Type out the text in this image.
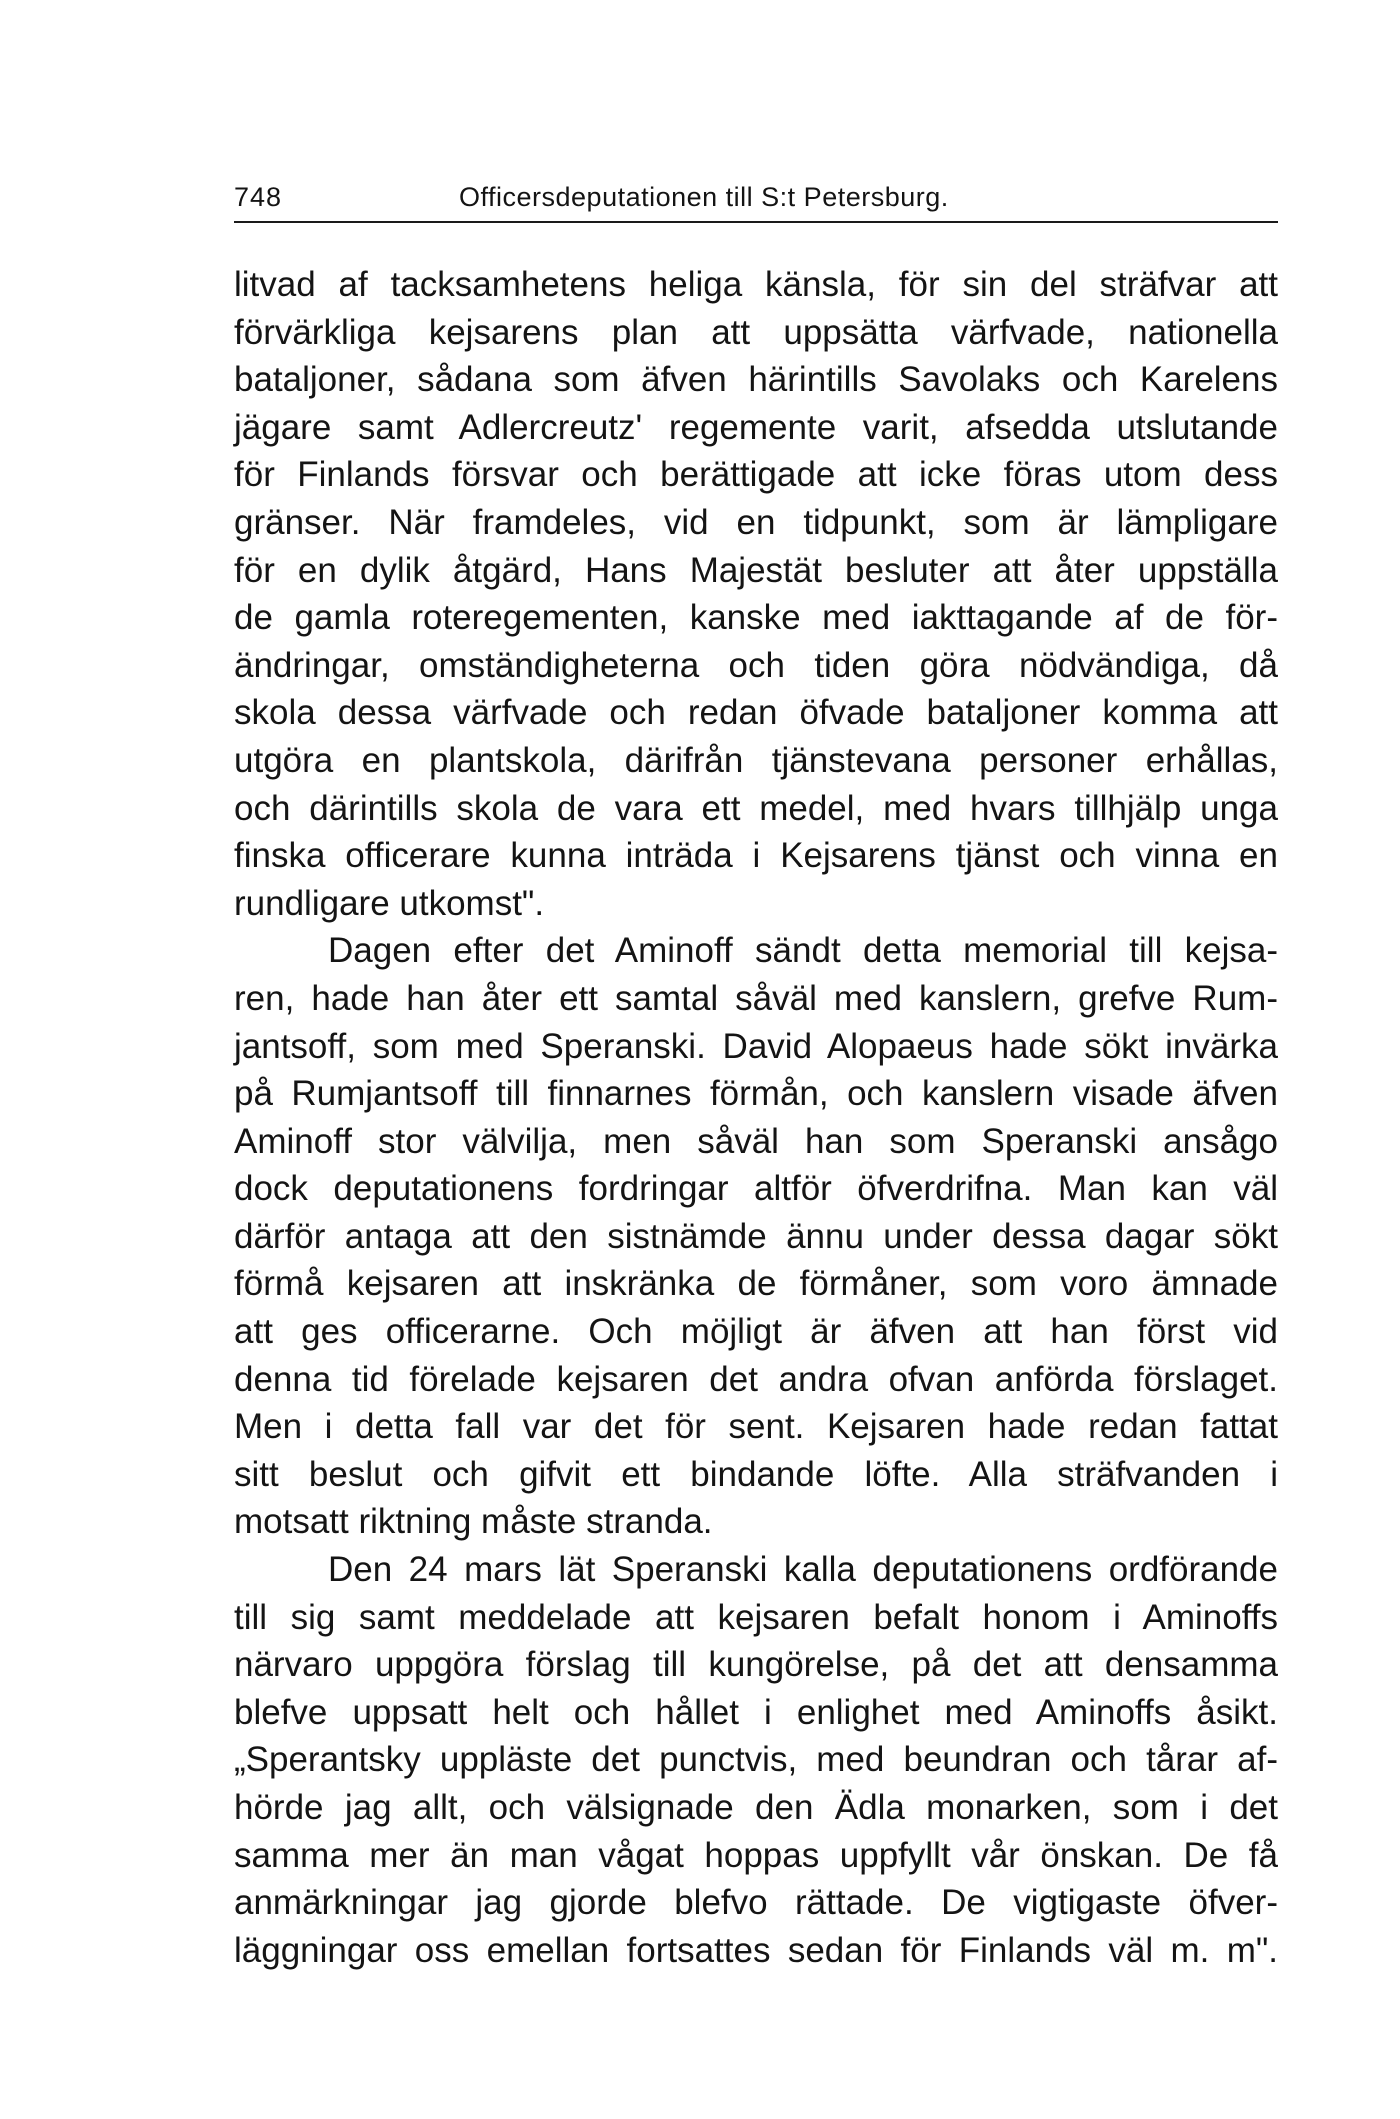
748	Officersdeputationen till S:t Petersburg.

litvad af tacksamhetens heliga känsla, för sin del sträfvar att
förvärkliga kejsarens plan att uppsätta värfvade, nationella
bataljoner, sådana som äfven härintills Savolaks och Karelens
jägare samt Adlercreutz' regemente varit, afsedda utslutande
för Finlands försvar och berättigade att icke föras utom dess
gränser. När framdeles, vid en tidpunkt, som är lämpligare
för en dylik åtgärd, Hans Majestät besluter att åter uppställa
de gamla roteregementen, kanske med iakttagande af de för-
ändringar, omständigheterna och tiden göra nödvändiga, då
skola dessa värfvade och redan öfvade bataljoner komma att
utgöra en plantskola, därifrån tjänstevana personer erhållas,
och därintills skola de vara ett medel, med hvars tillhjälp unga
finska officerare kunna inträda i Kejsarens tjänst och vinna en
rundligare utkomst".

Dagen efter det Aminoff sändt detta memorial till kejsa-
ren, hade han åter ett samtal såväl med kanslern, grefve Rum-
jantsoff, som med Speranski. David Alopaeus hade sökt invärka
på Rumjantsoff till finnarnes förmån, och kanslern visade äfven
Aminoff stor välvilja, men såväl han som Speranski ansågo
dock deputationens fordringar altför öfverdrifna. Man kan väl
därför antaga att den sistnämde ännu under dessa dagar sökt
förmå kejsaren att inskränka de förmåner, som voro ämnade
att ges officerarne. Och möjligt är äfven att han först vid
denna tid förelade kejsaren det andra ofvan anförda förslaget.
Men i detta fall var det för sent. Kejsaren hade redan fattat
sitt beslut och gifvit ett bindande löfte. Alla sträfvanden i
motsatt riktning måste stranda.

Den 24 mars lät Speranski kalla deputationens ordförande
till sig samt meddelade att kejsaren befalt honom i Aminoffs
närvaro uppgöra förslag till kungörelse, på det att densamma
blefve uppsatt helt och hållet i enlighet med Aminoffs åsikt.
„Sperantsky uppläste det punctvis, med beundran och tårar af-
hörde jag allt, och välsignade den Ädla monarken, som i det
samma mer än man vågat hoppas uppfyllt vår önskan. De få
anmärkningar jag gjorde blefvo rättade. De vigtigaste öfver-
läggningar oss emellan fortsattes sedan för Finlands väl m. m".
